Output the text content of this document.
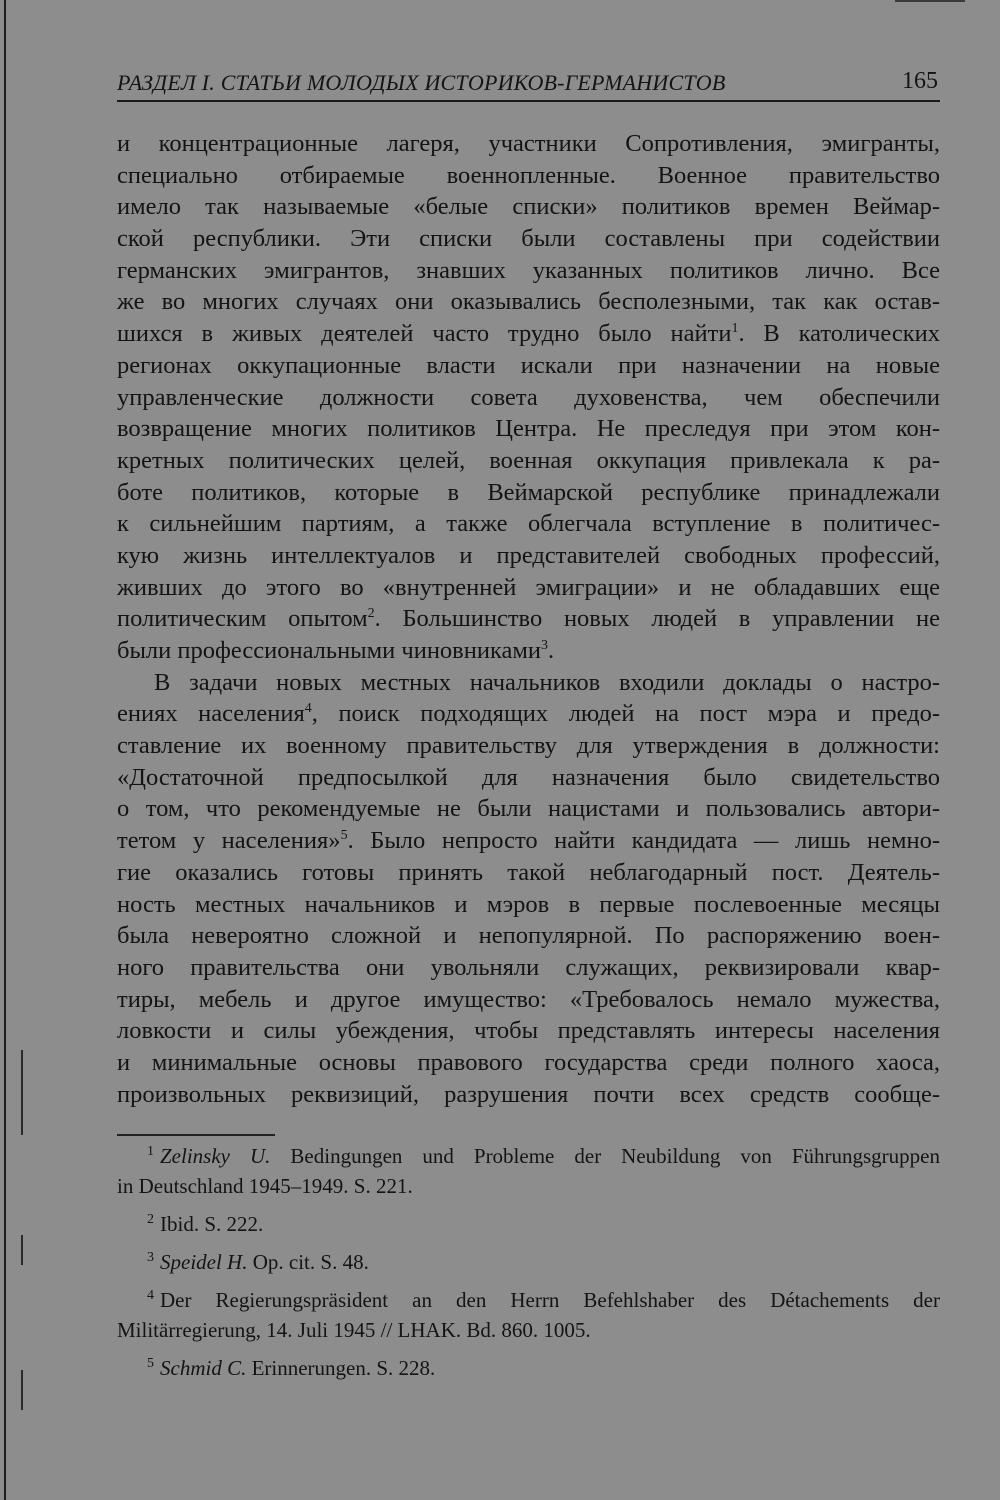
РАЗДЕЛ I. СТАТЬИ МОЛОДЫХ ИСТОРИКОВ-ГЕРМАНИСТОВ	165
и концентрационные лагеря, участники Сопротивления, эмигранты,
специально отбираемые военнопленные. Военное правительство
имело так называемые «белые списки» политиков времен Веймар-
ской республики. Эти списки были составлены при содействии
германских эмигрантов, знавших указанных политиков лично. Все
же во многих случаях они оказывались бесполезными, так как остав-
шихся в живых деятелей часто трудно было найти$^1$. В католических
регионах оккупационные власти искали при назначении на новые
управленческие должности совета духовенства, чем обеспечили
возвращение многих политиков Центра. Не преследуя при этом кон-
кретных политических целей, военная оккупация привлекала к ра-
боте политиков, которые в Веймарской республике принадлежали
к сильнейшим партиям, а также облегчала вступление в политичес-
кую жизнь интеллектуалов и представителей свободных профессий,
живших до этого во «внутренней эмиграции» и не обладавших еще
политическим опытом$^2$. Большинство новых людей в управлении не
были профессиональными чиновниками$^3$.
В задачи новых местных начальников входили доклады о настро-
ениях населения$^4$, поиск подходящих людей на пост мэра и предо-
ставление их военному правительству для утверждения в должности:
«Достаточной предпосылкой для назначения было свидетельство
о том, что рекомендуемые не были нацистами и пользовались автори-
тетом у населения»$^5$. Было непросто найти кандидата — лишь немно-
гие оказались готовы принять такой неблагодарный пост. Деятель-
ность местных начальников и мэров в первые послевоенные месяцы
была невероятно сложной и непопулярной. По распоряжению воен-
ного правительства они увольняли служащих, реквизировали квар-
тиры, мебель и другое имущество: «Требовалось немало мужества,
ловкости и силы убеждения, чтобы представлять интересы населения
и минимальные основы правового государства среди полного хаоса,
произвольных реквизиций, разрушения почти всех средств сообще-
$^1$ Zelinsky U. Bedingungen und Probleme der Neubildung von Führungsgruppen
in Deutschland 1945–1949. S. 221.
$^2$ Ibid. S. 222.
$^3$ Speidel H. Op. cit. S. 48.
$^4$ Der Regierungspräsident an den Herrn Befehlshaber des Détachements der
Militärregierung, 14. Juli 1945 // LHAK. Bd. 860. 1005.
$^5$ Schmid C. Erinnerungen. S. 228.
